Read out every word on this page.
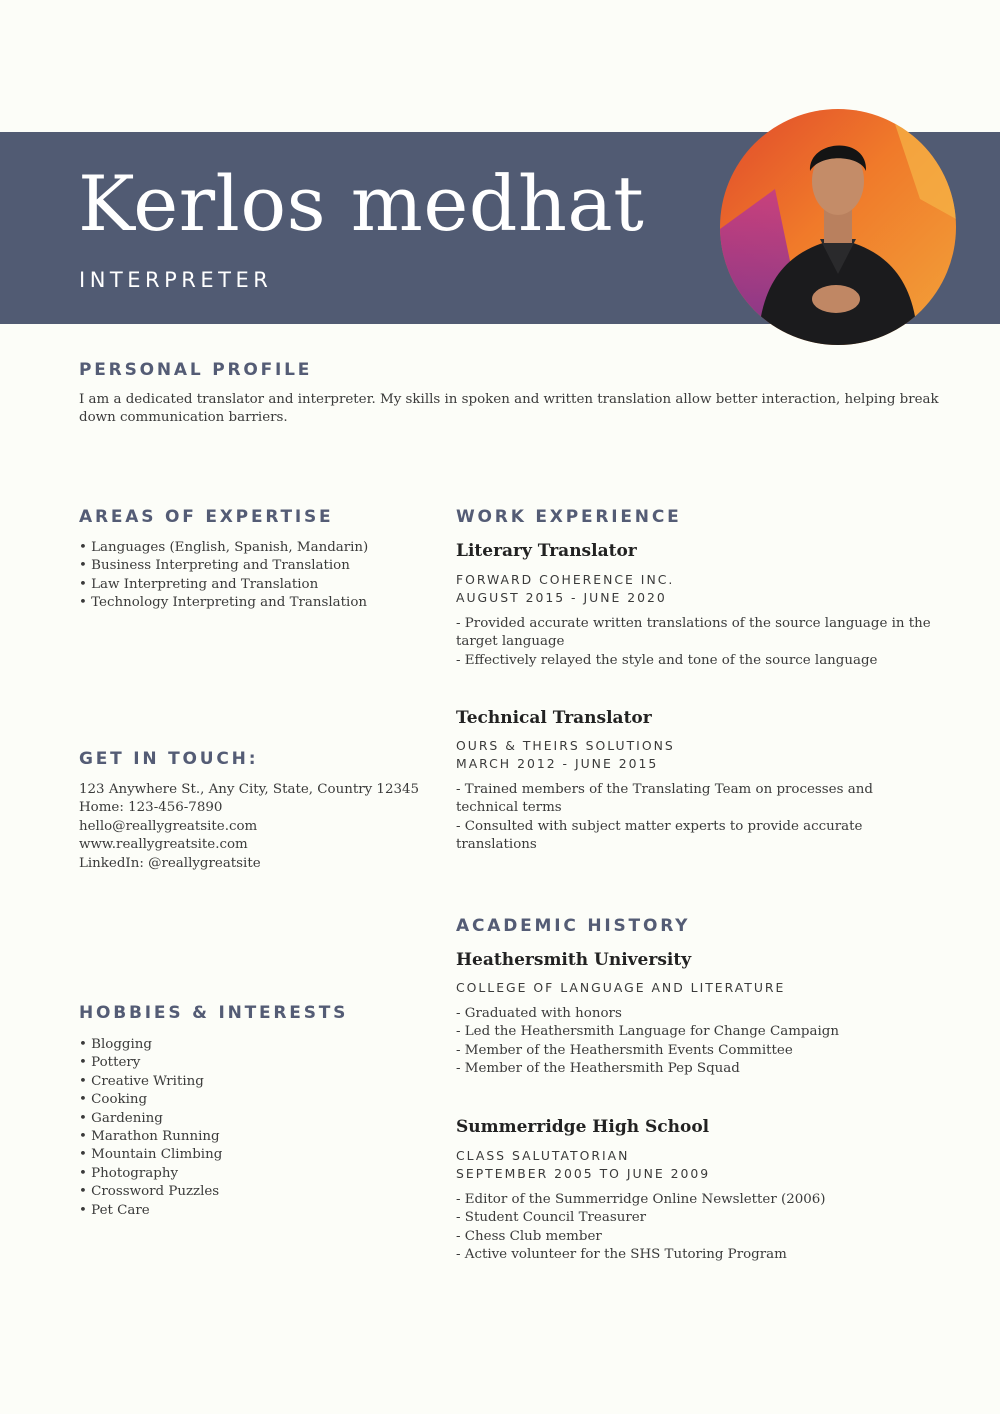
Kerlos medhat
INTERPRETER
PERSONAL PROFILE
I am a dedicated translator and interpreter. My skills in spoken and written translation allow better interaction, helping break
down communication barriers.
AREAS OF EXPERTISE
• Languages (English, Spanish, Mandarin)
• Business Interpreting and Translation
• Law Interpreting and Translation
• Technology Interpreting and Translation
GET IN TOUCH:
123 Anywhere St., Any City, State, Country 12345
Home: 123-456-7890
hello@reallygreatsite.com
www.reallygreatsite.com
LinkedIn: @reallygreatsite
HOBBIES & INTERESTS
• Blogging
• Pottery
• Creative Writing
• Cooking
• Gardening
• Marathon Running
• Mountain Climbing
• Photography
• Crossword Puzzles
• Pet Care
WORK EXPERIENCE
Literary Translator
FORWARD COHERENCE INC.
AUGUST 2015 - JUNE 2020
- Provided accurate written translations of the source language in the
target language
- Effectively relayed the style and tone of the source language
Technical Translator
OURS & THEIRS SOLUTIONS
MARCH 2012 - JUNE 2015
- Trained members of the Translating Team on processes and
technical terms
- Consulted with subject matter experts to provide accurate
translations
ACADEMIC HISTORY
Heathersmith University
COLLEGE OF LANGUAGE AND LITERATURE
- Graduated with honors
- Led the Heathersmith Language for Change Campaign
- Member of the Heathersmith Events Committee
- Member of the Heathersmith Pep Squad
Summerridge High School
CLASS SALUTATORIAN
SEPTEMBER 2005 TO JUNE 2009
- Editor of the Summerridge Online Newsletter (2006)
- Student Council Treasurer
- Chess Club member
- Active volunteer for the SHS Tutoring Program
